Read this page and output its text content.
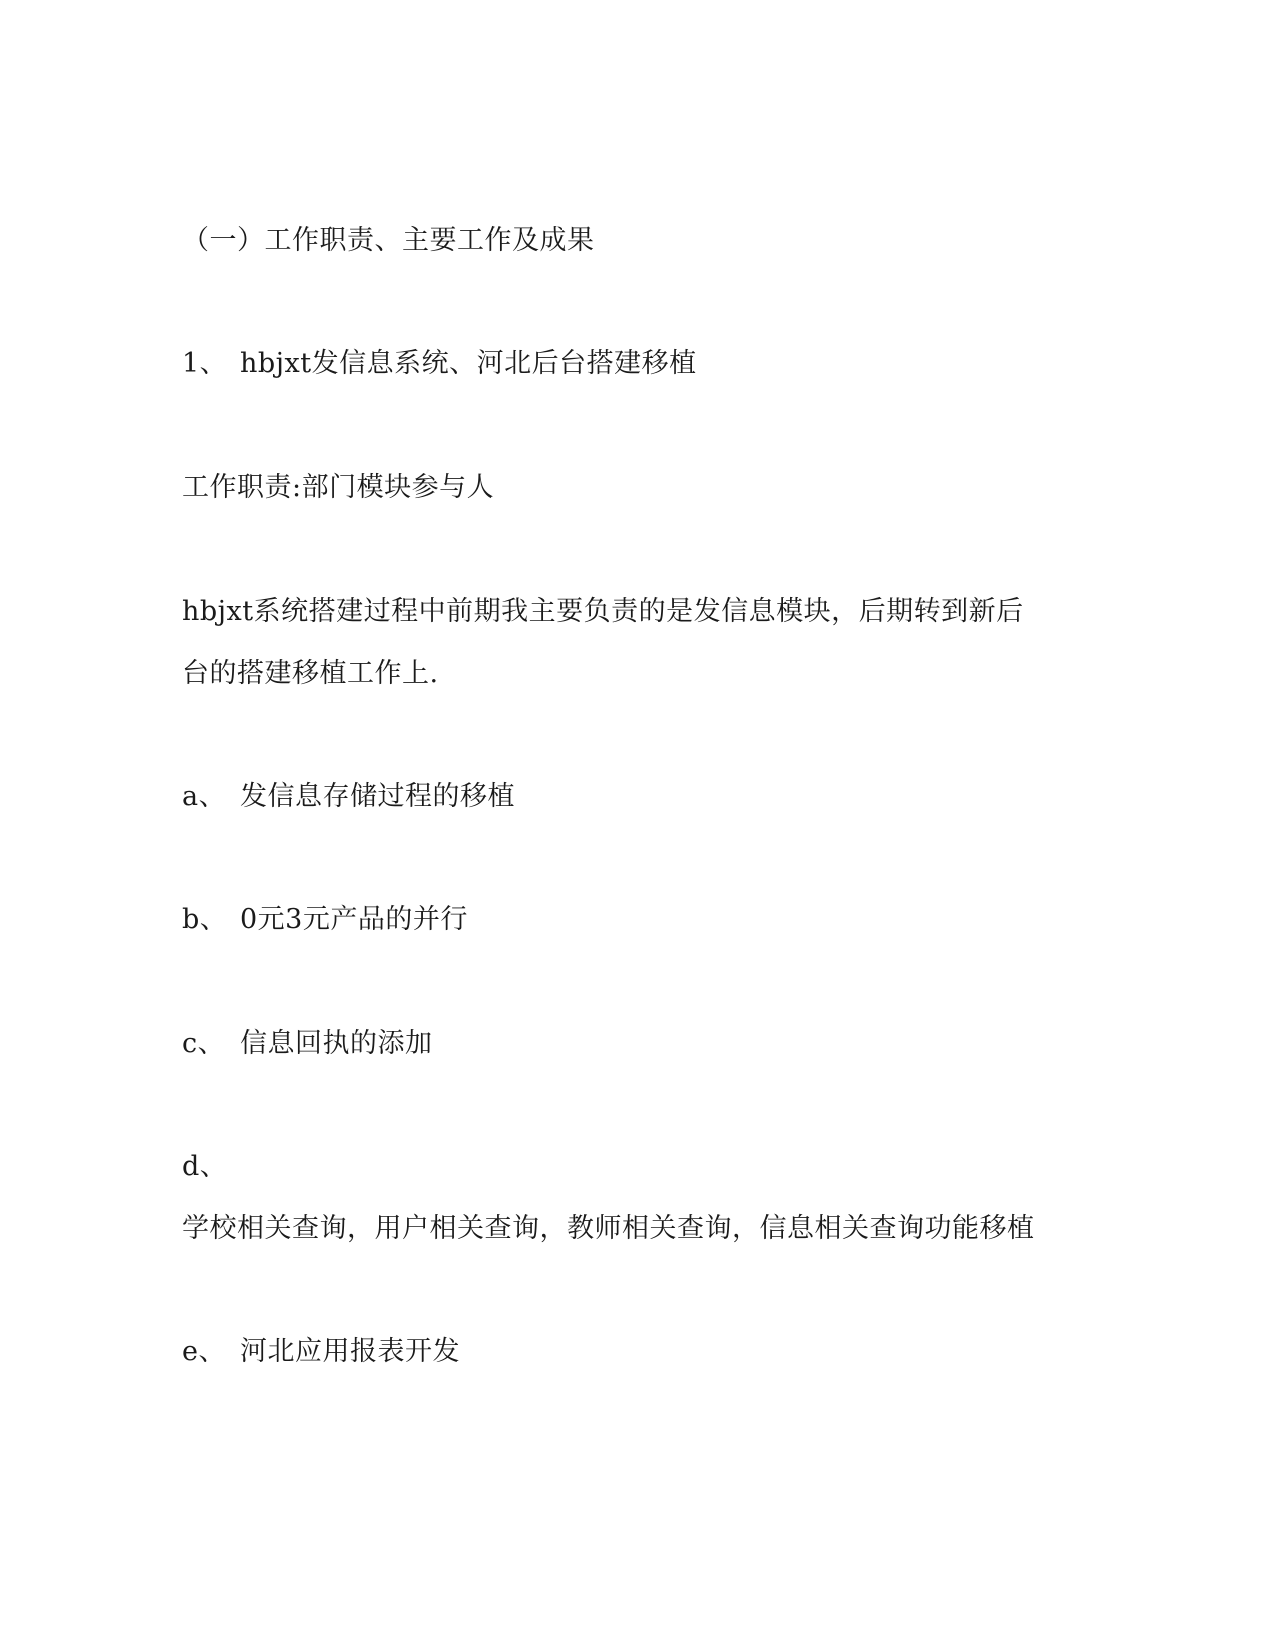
（一）工作职责、主要工作及成果
1、 hbjxt发信息系统、河北后台搭建移植
工作职责:部门模块参与人
hbjxt系统搭建过程中前期我主要负责的是发信息模块，后期转到新后
台的搭建移植工作上.
a、 发信息存储过程的移植
b、 0元3元产品的并行
c、 信息回执的添加
d、
学校相关查询，用户相关查询，教师相关查询，信息相关查询功能移植
e、 河北应用报表开发
